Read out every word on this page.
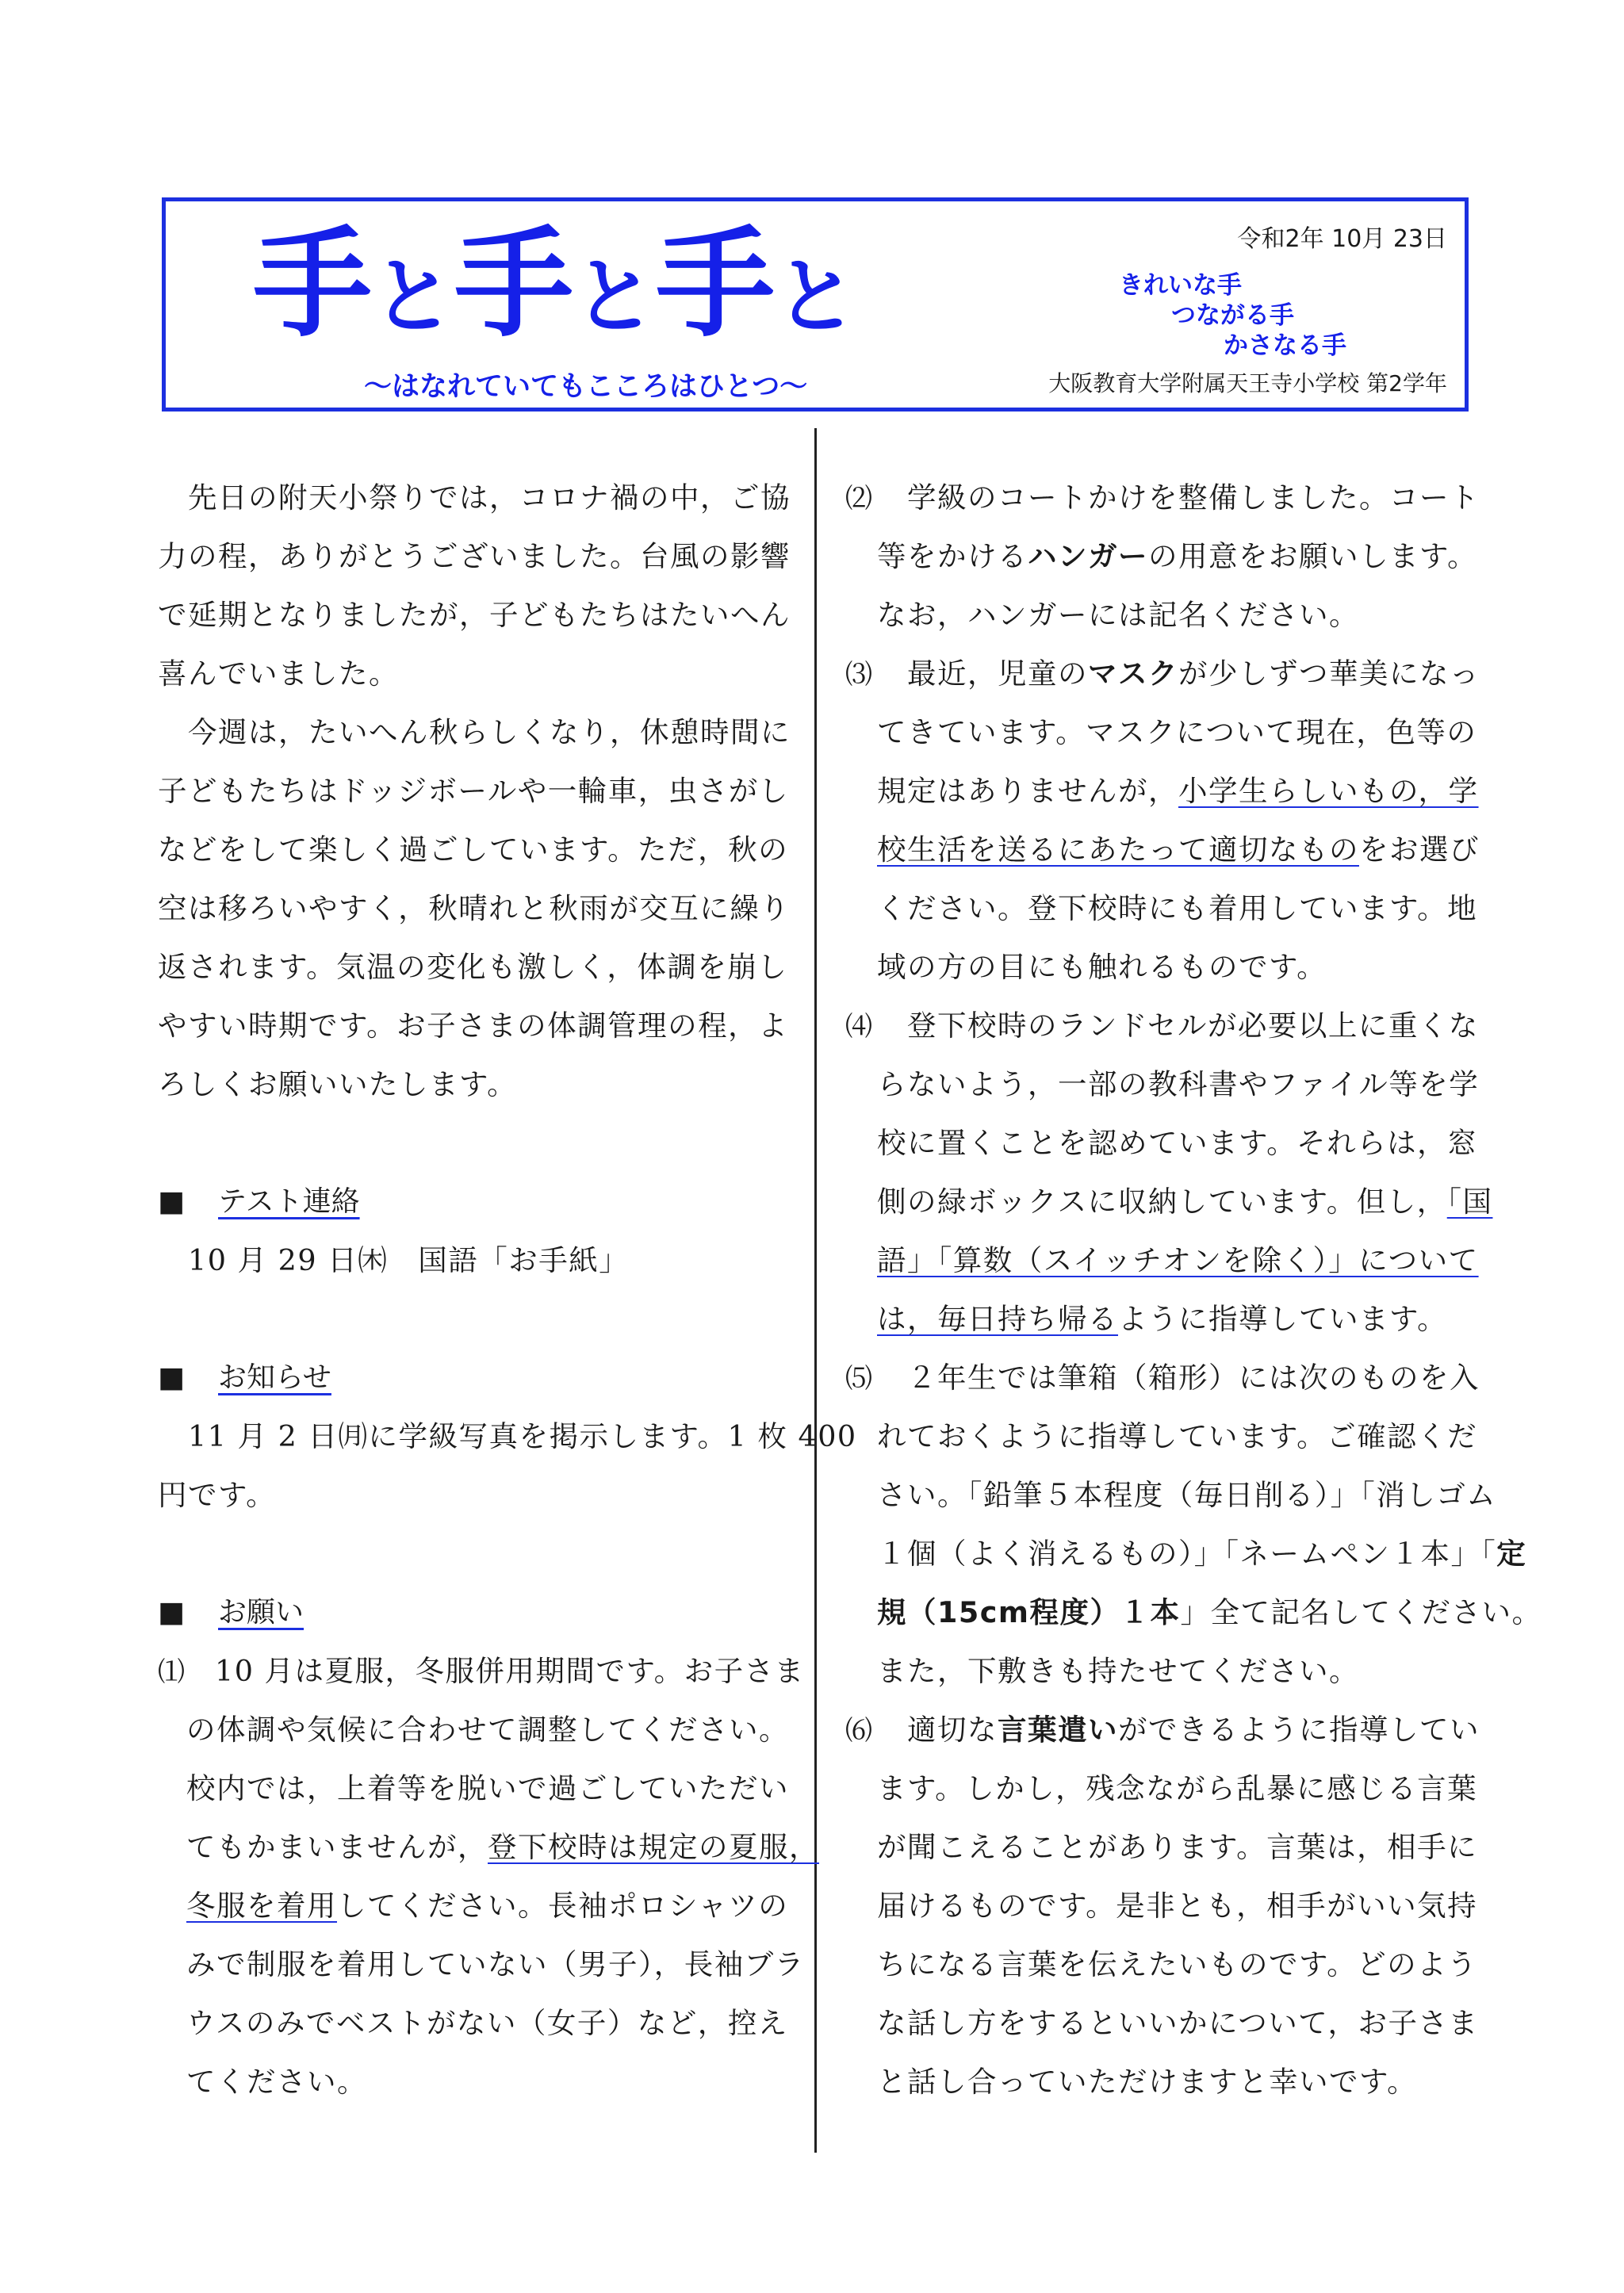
手と手と手と
～はなれていてもこころはひとつ～
令和2年 10月 23日
きれいな手
つながる手
かさなる手
大阪教育大学附属天王寺小学校 第2学年
先日の附天小祭りでは，コロナ禍の中，ご協
力の程，ありがとうございました。台風の影響
で延期となりましたが，子どもたちはたいへん
喜んでいました。
今週は，たいへん秋らしくなり，休憩時間に
子どもたちはドッジボールや一輪車，虫さがし
などをして楽しく過ごしています。ただ，秋の
空は移ろいやすく，秋晴れと秋雨が交互に繰り
返されます。気温の変化も激しく，体調を崩し
やすい時期です。お子さまの体調管理の程，よ
ろしくお願いいたします。
■ テスト連絡
10 月 29 日㈭　国語「お手紙」
■ お知らせ
11 月 2 日㈪に学級写真を掲示します。1 枚 400
円です。
■ お願い
⑴ 10 月は夏服，冬服併用期間です。お子さま
の体調や気候に合わせて調整してください。
校内では，上着等を脱いで過ごしていただい
てもかまいませんが，登下校時は規定の夏服，
冬服を着用してください。長袖ポロシャツの
みで制服を着用していない（男子），長袖ブラ
ウスのみでベストがない（女子）など，控え
てください。
⑵ 学級のコートかけを整備しました。コート
等をかけるハンガーの用意をお願いします。
なお，ハンガーには記名ください。
⑶ 最近，児童のマスクが少しずつ華美になっ
てきています。マスクについて現在，色等の
規定はありませんが，小学生らしいもの，学
校生活を送るにあたって適切なものをお選び
ください。登下校時にも着用しています。地
域の方の目にも触れるものです。
⑷ 登下校時のランドセルが必要以上に重くな
らないよう，一部の教科書やファイル等を学
校に置くことを認めています。それらは，窓
側の緑ボックスに収納しています。但し，「国
語」「算数（スイッチオンを除く）」について
は，毎日持ち帰るように指導しています。
⑸ ２年生では筆箱（箱形）には次のものを入
れておくように指導しています。ご確認くだ
さい。「鉛筆５本程度（毎日削る）」「消しゴム
１個（よく消えるもの）」「ネームペン１本」「定
規（15cm程度）１本」全て記名してください。
また，下敷きも持たせてください。
⑹ 適切な言葉遣いができるように指導してい
ます。しかし，残念ながら乱暴に感じる言葉
が聞こえることがあります。言葉は，相手に
届けるものです。是非とも，相手がいい気持
ちになる言葉を伝えたいものです。どのよう
な話し方をするといいかについて，お子さま
と話し合っていただけますと幸いです。
